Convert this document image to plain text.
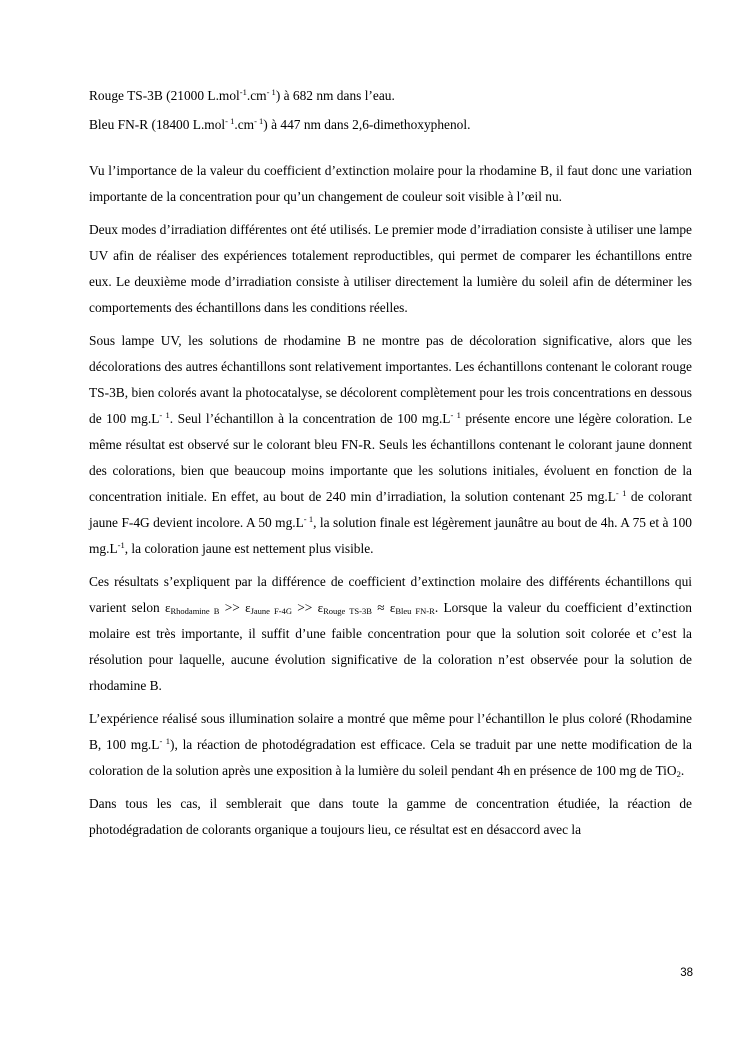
Rouge TS-3B (21000 $L.mol^{-1}.cm^{- 1}$) à 682 nm dans l’eau.

Bleu FN-R (18400 $L.mol^{- 1}.cm^{- 1}$) à 447 nm dans 2,6-dimethoxyphenol.

Vu l’importance de la valeur du coefficient d’extinction molaire pour la rhodamine B, il faut donc une variation importante de la concentration pour qu’un changement de couleur soit visible à l’œil nu.

Deux modes d’irradiation différentes ont été utilisés. Le premier mode d’irradiation consiste à utiliser une lampe UV afin de réaliser des expériences totalement reproductibles, qui permet de comparer les échantillons entre eux. Le deuxième mode d’irradiation consiste à utiliser directement la lumière du soleil afin de déterminer les comportements des échantillons dans les conditions réelles.

Sous lampe UV, les solutions de rhodamine B ne montre pas de décoloration significative, alors que les décolorations des autres échantillons sont relativement importantes. Les échantillons contenant le colorant rouge TS-3B, bien colorés avant la photocatalyse, se décolorent complètement pour les trois concentrations en dessous de 100 $mg.L^{- 1}$. Seul l’échantillon à la concentration de 100 $mg.L^{- 1}$ présente encore une légère coloration. Le même résultat est observé sur le colorant bleu FN-R. Seuls les échantillons contenant le colorant jaune donnent des colorations, bien que beaucoup moins importante que les solutions initiales, évoluent en fonction de la concentration initiale. En effet, au bout de 240 min d’irradiation, la solution contenant 25 $mg.L^{- 1}$ de colorant jaune F-4G devient incolore. A 50 $mg.L^{- 1}$, la solution finale est légèrement jaunâtre au bout de 4h. A 75 et à 100 $mg.L^{-1}$, la coloration jaune est nettement plus visible.

Ces résultats s’expliquent par la différence de coefficient d’extinction molaire des différents échantillons qui varient selon $\varepsilon_{Rhodamine B} >> \varepsilon_{Jaune F-4G} >> \varepsilon_{Rouge TS-3B} \approx \varepsilon_{Bleu FN-R}$. Lorsque la valeur du coefficient d’extinction molaire est très importante, il suffit d’une faible concentration pour que la solution soit colorée et c’est la résolution pour laquelle, aucune évolution significative de la coloration n’est observée pour la solution de rhodamine B.

L’expérience réalisé sous illumination solaire a montré que même pour l’échantillon le plus coloré (Rhodamine B, 100 $mg.L^{- 1}$), la réaction de photodégradation est efficace. Cela se traduit par une nette modification de la coloration de la solution après une exposition à la lumière du soleil pendant 4h en présence de 100 mg de TiO$_2$.

Dans tous les cas, il semblerait que dans toute la gamme de concentration étudiée, la réaction de photodégradation de colorants organique a toujours lieu, ce résultat est en désaccord avec la

38
